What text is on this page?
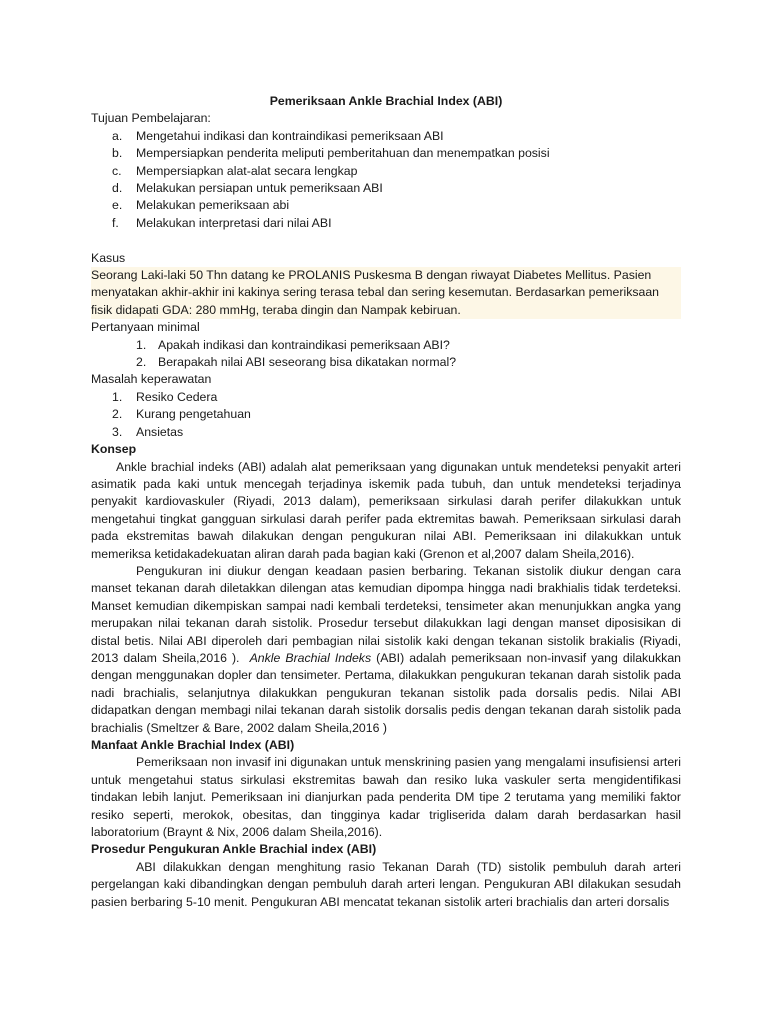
Pemeriksaan Ankle Brachial Index (ABI)

Tujuan Pembelajaran:

a. Mengetahui indikasi dan kontraindikasi pemeriksaan ABI
b. Mempersiapkan penderita meliputi pemberitahuan dan menempatkan posisi
c. Mempersiapkan alat-alat secara lengkap
d. Melakukan persiapan untuk pemeriksaan ABI
e. Melakukan pemeriksaan abi
f. Melakukan interpretasi dari nilai ABI

Kasus

Seorang Laki-laki 50 Thn datang ke PROLANIS Puskesma B dengan riwayat Diabetes Mellitus. Pasien menyatakan akhir-akhir ini kakinya sering terasa tebal dan sering kesemutan. Berdasarkan pemeriksaan fisik didapati GDA: 280 mmHg, teraba dingin dan Nampak kebiruan.

Pertanyaan minimal

1. Apakah indikasi dan kontraindikasi pemeriksaan ABI?
2. Berapakah nilai ABI seseorang bisa dikatakan normal?

Masalah keperawatan

1. Resiko Cedera
2. Kurang pengetahuan
3. Ansietas

Konsep

Ankle brachial indeks (ABI) adalah alat pemeriksaan yang digunakan untuk mendeteksi penyakit arteri asimatik pada kaki untuk mencegah terjadinya iskemik pada tubuh, dan untuk mendeteksi terjadinya penyakit kardiovaskuler (Riyadi, 2013 dalam), pemeriksaan sirkulasi darah perifer dilakukkan untuk mengetahui tingkat gangguan sirkulasi darah perifer pada ektremitas bawah. Pemeriksaan sirkulasi darah pada ekstremitas bawah dilakukan dengan pengukuran nilai ABI. Pemeriksaan ini dilakukkan untuk memeriksa ketidakadekuatan aliran darah pada bagian kaki (Grenon et al,2007 dalam Sheila,2016).

Pengukuran ini diukur dengan keadaan pasien berbaring. Tekanan sistolik diukur dengan cara manset tekanan darah diletakkan dilengan atas kemudian dipompa hingga nadi brakhialis tidak terdeteksi. Manset kemudian dikempiskan sampai nadi kembali terdeteksi, tensimeter akan menunjukkan angka yang merupakan nilai tekanan darah sistolik. Prosedur tersebut dilakukkan lagi dengan manset diposisikan di distal betis. Nilai ABI diperoleh dari pembagian nilai sistolik kaki dengan tekanan sistolik brakialis (Riyadi, 2013 dalam Sheila,2016 ). Ankle Brachial Indeks (ABI) adalah pemeriksaan non-invasif yang dilakukkan dengan menggunakan dopler dan tensimeter. Pertama, dilakukkan pengukuran tekanan darah sistolik pada nadi brachialis, selanjutnya dilakukkan pengukuran tekanan sistolik pada dorsalis pedis. Nilai ABI didapatkan dengan membagi nilai tekanan darah sistolik dorsalis pedis dengan tekanan darah sistolik pada brachialis (Smeltzer & Bare, 2002 dalam Sheila,2016 )

Manfaat Ankle Brachial Index (ABI)

Pemeriksaan non invasif ini digunakan untuk menskrining pasien yang mengalami insufisiensi arteri untuk mengetahui status sirkulasi ekstremitas bawah dan resiko luka vaskuler serta mengidentifikasi tindakan lebih lanjut. Pemeriksaan ini dianjurkan pada penderita DM tipe 2 terutama yang memiliki faktor resiko seperti, merokok, obesitas, dan tingginya kadar trigliserida dalam darah berdasarkan hasil laboratorium (Braynt & Nix, 2006 dalam Sheila,2016).

Prosedur Pengukuran Ankle Brachial index (ABI)

ABI dilakukkan dengan menghitung rasio Tekanan Darah (TD) sistolik pembuluh darah arteri pergelangan kaki dibandingkan dengan pembuluh darah arteri lengan. Pengukuran ABI dilakukan sesudah pasien berbaring 5-10 menit. Pengukuran ABI mencatat tekanan sistolik arteri brachialis dan arteri dorsalis
